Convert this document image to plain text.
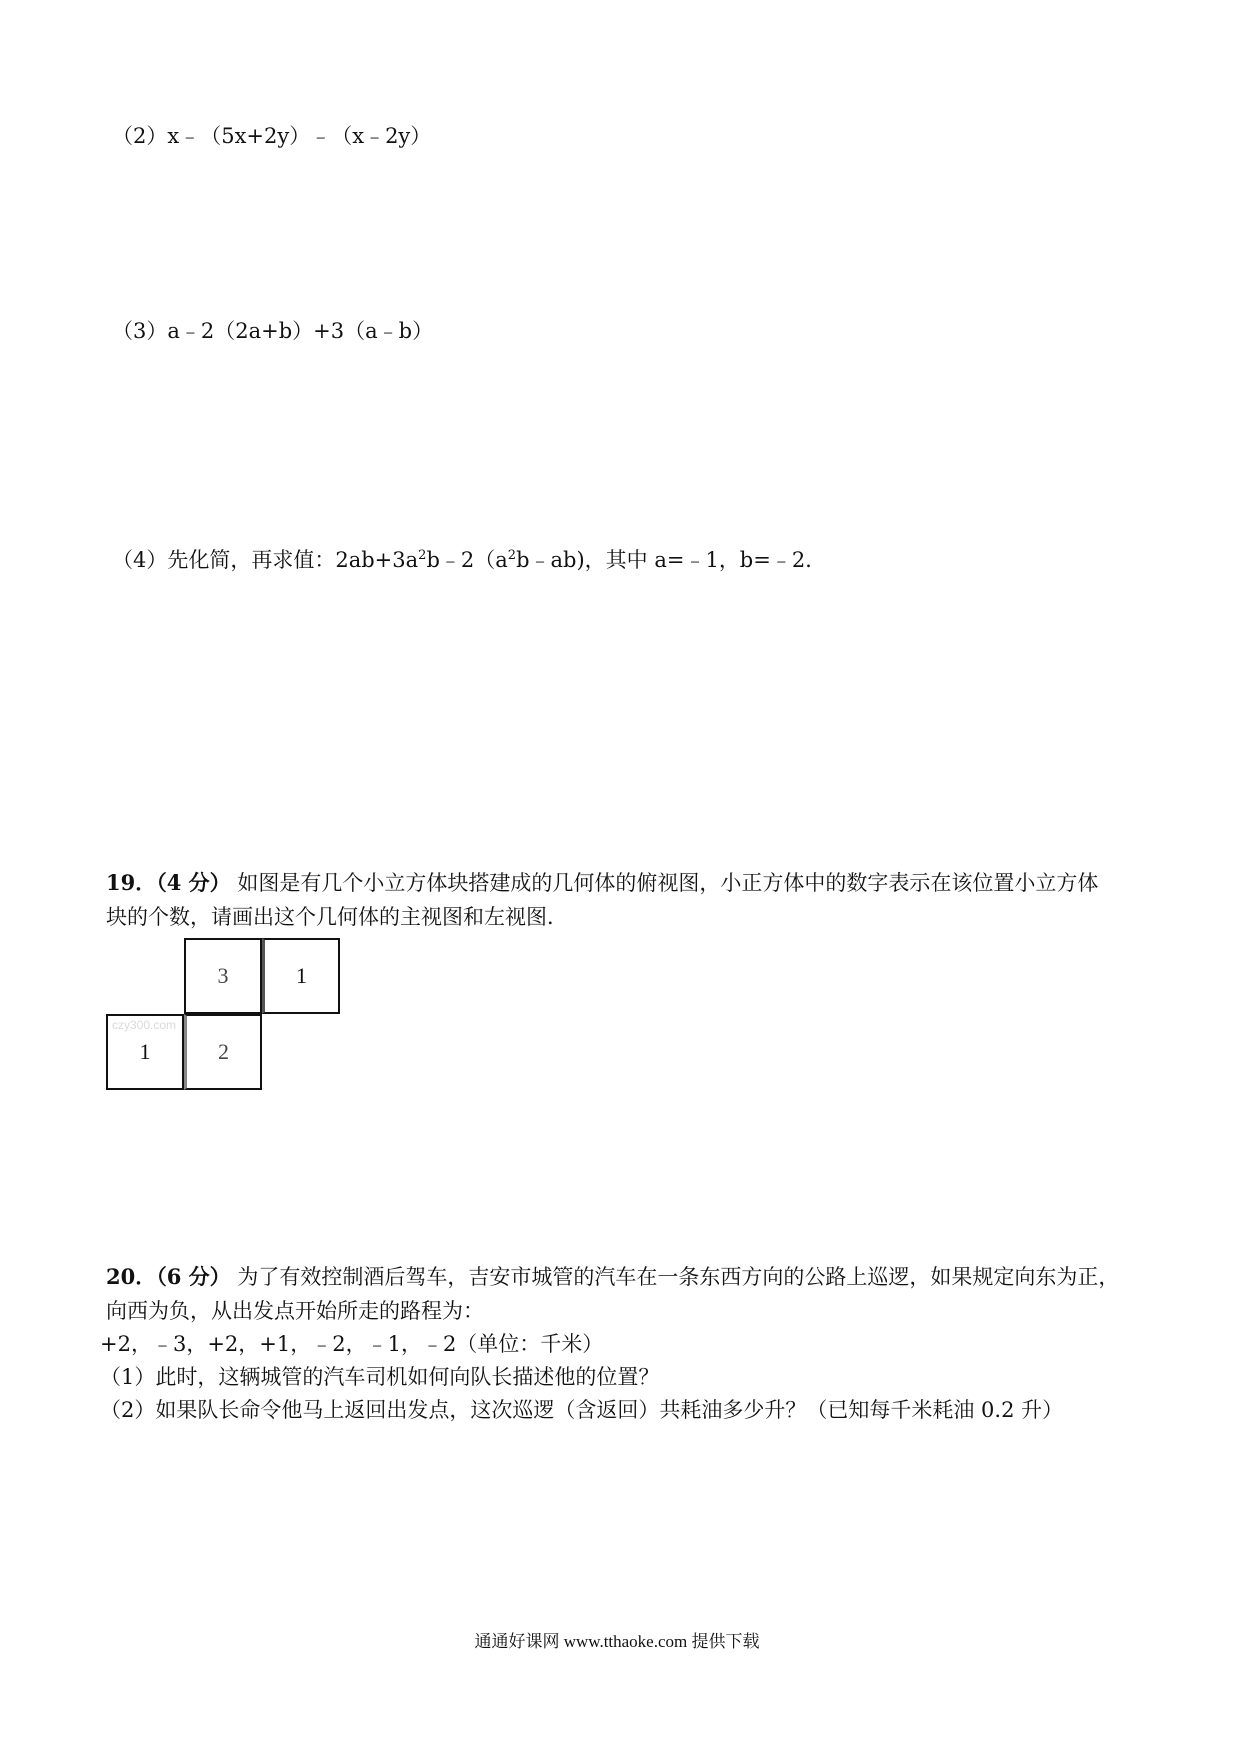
（2）x﹣（5x+2y）﹣（x﹣2y）
（3）a﹣2（2a+b）+3（a﹣b）
（4）先化简，再求值：$2ab+3a^2b﹣2(a^2b﹣ab)$，其中 a=﹣1，b=﹣2．
19．（4 分） 如图是有几个小立方体块搭建成的几何体的俯视图，小正方体中的数字表示在该位置小立方体
块的个数，请画出这个几何体的主视图和左视图．
3	1
czy300.com
1	2
20．（6 分） 为了有效控制酒后驾车，吉安市城管的汽车在一条东西方向的公路上巡逻，如果规定向东为正，
向西为负，从出发点开始所走的路程为：
+2，﹣3，+2，+1，﹣2，﹣1，﹣2（单位：千米）
（1）此时，这辆城管的汽车司机如何向队长描述他的位置？
（2）如果队长命令他马上返回出发点，这次巡逻（含返回）共耗油多少升？（已知每千米耗油 0.2 升）
通通好课网 www.tthaoke.com 提供下载
